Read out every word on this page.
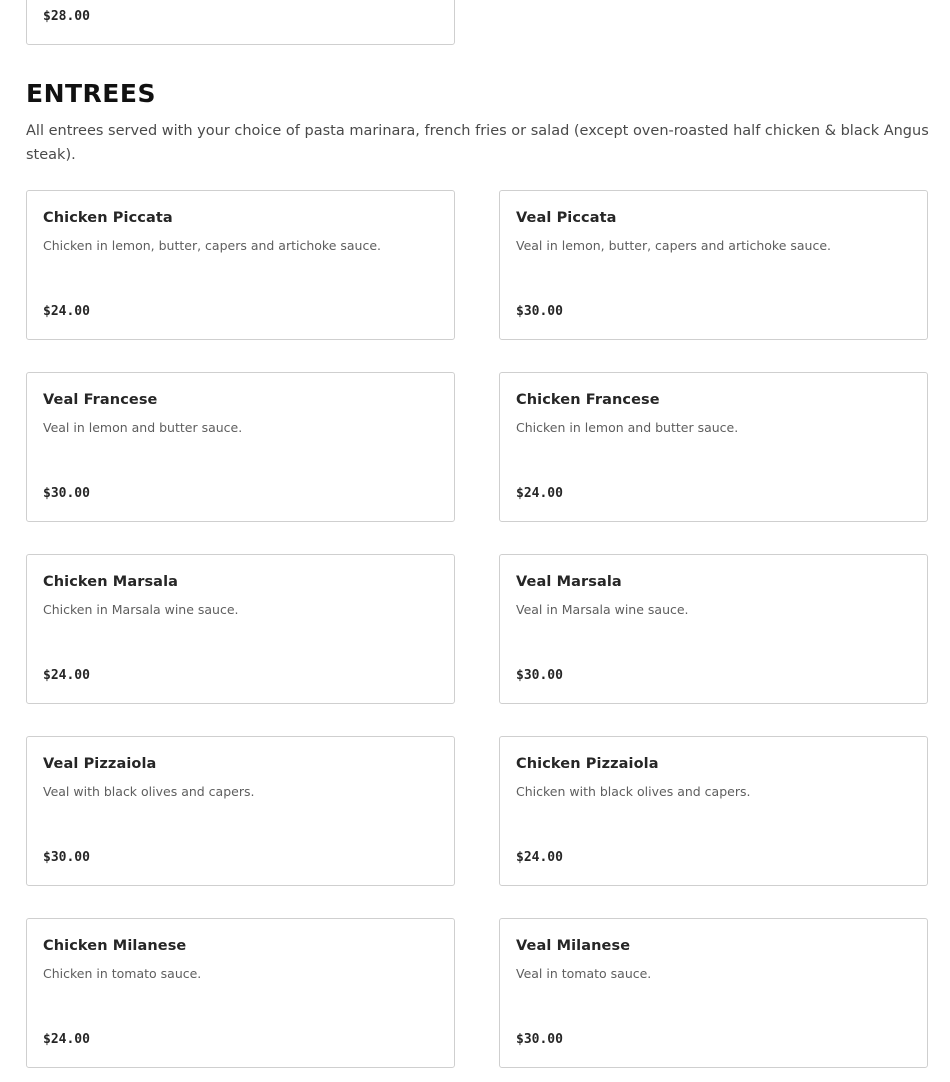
$28.00
ENTREES

All entrees served with your choice of pasta marinara, french fries or salad (except oven-roasted half chicken & black Angus steak).

Chicken Piccata
Chicken in lemon, butter, capers and artichoke sauce.
$24.00
Veal Piccata
Veal in lemon, butter, capers and artichoke sauce.
$30.00
Veal Francese
Veal in lemon and butter sauce.
$30.00
Chicken Francese
Chicken in lemon and butter sauce.
$24.00
Chicken Marsala
Chicken in Marsala wine sauce.
$24.00
Veal Marsala
Veal in Marsala wine sauce.
$30.00
Veal Pizzaiola
Veal with black olives and capers.
$30.00
Chicken Pizzaiola
Chicken with black olives and capers.
$24.00
Chicken Milanese
Chicken in tomato sauce.
$24.00
Veal Milanese
Veal in tomato sauce.
$30.00
